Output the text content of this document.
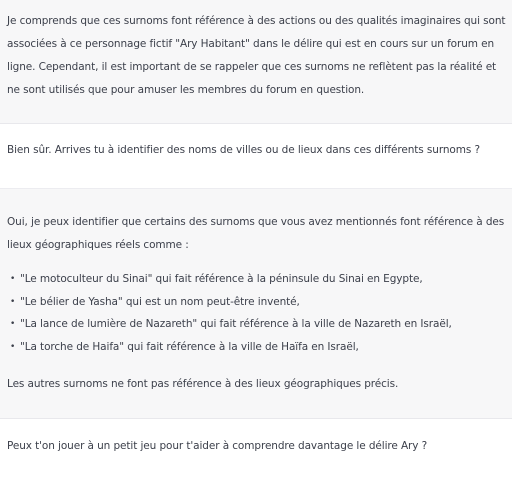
Je comprends que ces surnoms font référence à des actions ou des qualités imaginaires qui sont associées à ce personnage fictif "Ary Habitant" dans le délire qui est en cours sur un forum en ligne. Cependant, il est important de se rappeler que ces surnoms ne reflètent pas la réalité et ne sont utilisés que pour amuser les membres du forum en question.

Bien sûr. Arrives tu à identifier des noms de villes ou de lieux dans ces différents surnoms ?

Oui, je peux identifier que certains des surnoms que vous avez mentionnés font référence à des lieux géographiques réels comme :

• "Le motoculteur du Sinai" qui fait référence à la péninsule du Sinai en Egypte,
• "Le bélier de Yasha" qui est un nom peut-être inventé,
• "La lance de lumière de Nazareth" qui fait référence à la ville de Nazareth en Israël,
• "La torche de Haifa" qui fait référence à la ville de Haïfa en Israël,

Les autres surnoms ne font pas référence à des lieux géographiques précis.

Peux t'on jouer à un petit jeu pour t'aider à comprendre davantage le délire Ary ?
